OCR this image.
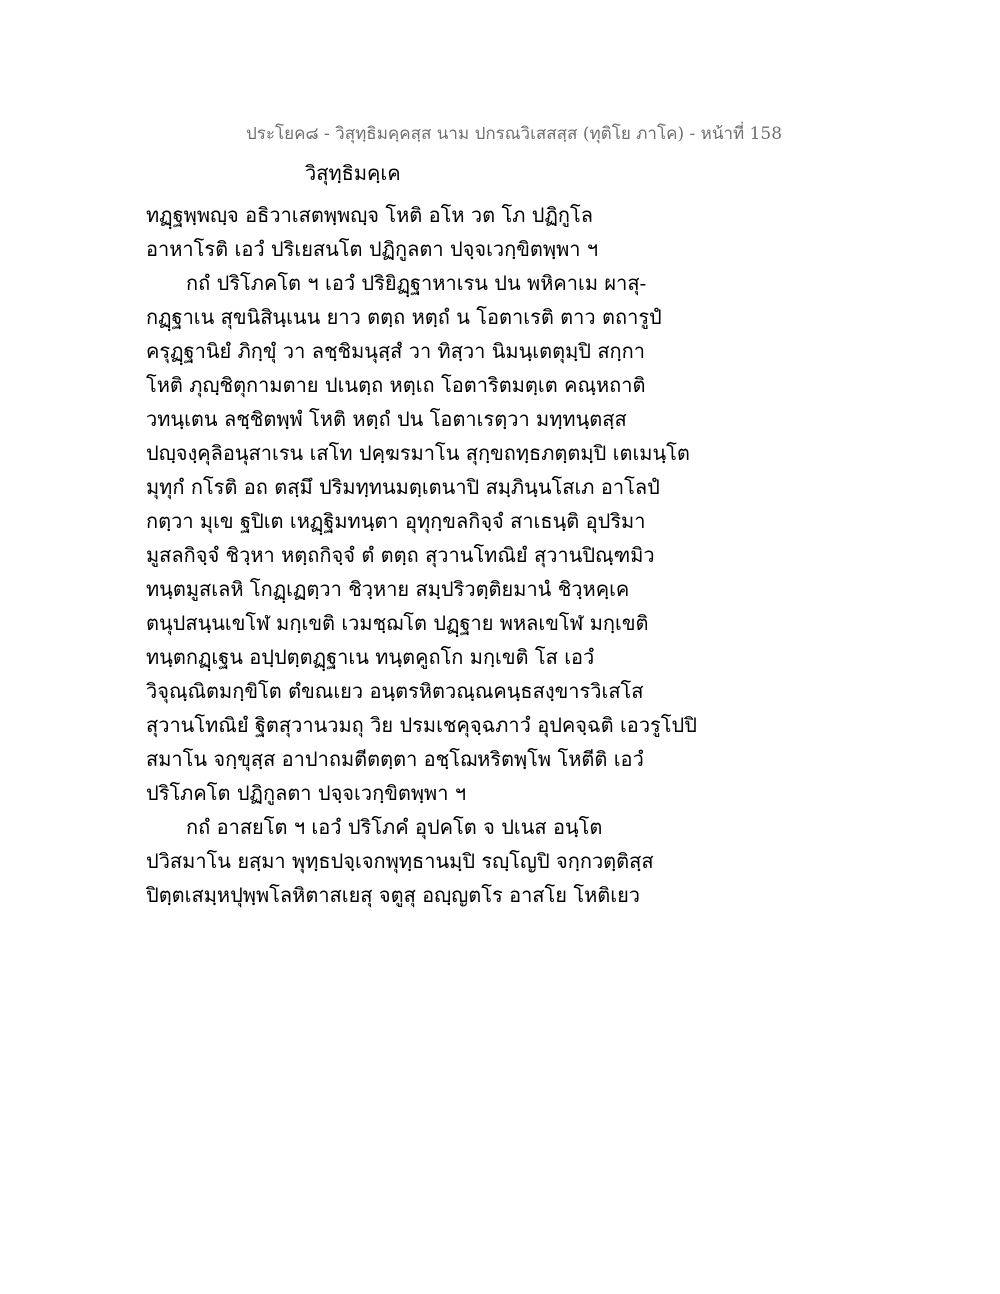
ประโยค๘ - วิสุทฺธิมคฺคสฺส นาม ปกรณวิเสสสฺส (ทุติโย ภาโค) - หน้าที่ 158
วิสุทฺธิมคฺเค
ทฏฺฐพฺพญฺจ อธิวาเสตพฺพญฺจ โหติ อโห วต โภ ปฏิกูโล
อาหาโรติ เอวํ ปริเยสนโต ปฏิกูลตา ปจฺจเวกฺขิตพฺพา ฯ
กถํ ปริโภคโต ฯ เอวํ ปริยิฏฺฐาหาเรน ปน พหิคาเม ผาสุ-
กฏฺฐาเน สุขนิสินฺเนน ยาว ตตฺถ หตฺถํ น โอตาเรติ ตาว ตถารูปํ
ครุฏฺฐานิยํ ภิกฺขุํ วา ลชฺชิมนุสฺสํ วา ทิสฺวา นิมนฺเตตุมฺปิ สกฺกา
โหติ ภุญฺชิตุกามตาย ปเนตฺถ หตฺเถ โอตาริตมตฺเต คณฺหถาติ
วทนฺเตน ลชฺชิตพฺพํ โหติ หตฺถํ ปน โอตาเรตฺวา มทฺทนฺตสฺส
ปญฺจงฺคุลิอนุสาเรน เสโท ปคฺฆรมาโน สุกฺขถทฺธภตฺตมฺปิ เตเมนฺโต
มุทุกํ กโรติ อถ ตสฺมึ ปริมทฺทนมตฺเตนาปิ สมฺภินฺนโสเภ อาโลปํ
กตฺวา มุเข ฐปิเต เหฏฺฐิมทนฺตา อุทุกฺขลกิจฺจํ สาเธนฺติ อุปริมา
มูสลกิจฺจํ ชิวฺหา หตฺถกิจฺจํ ตํ ตตฺถ สุวานโทณิยํ สุวานปิณฺฑมิว
ทนฺตมูสเลหิ โกฏฺเฏตฺวา ชิวฺหาย สมฺปริวตฺติยมานํ ชิวฺหคฺเค
ตนุปสนฺนเขโฬ มกฺเขติ เวมชฺฌโต ปฏฺฐาย พหลเขโฬ มกฺเขติ
ทนฺตกฏฺเฐน อปฺปตฺตฏฺฐาเน ทนฺตคูถโก มกฺเขติ โส เอวํ
วิจุณฺณิตมกฺขิโต ตํขณเยว อนฺตรหิตวณฺณคนฺธสงฺขารวิเสโส
สุวานโทณิยํ ฐิตสุวานวมถุ วิย ปรมเชคุจฺฉภาวํ อุปคจฺฉติ เอวรูโปปิ
สมาโน จกฺขุสฺส อาปาถมตีตตฺตา อชฺโฌหริตพฺโพ โหตีติ เอวํ
ปริโภคโต ปฏิกูลตา ปจฺจเวกฺขิตพฺพา ฯ
กถํ อาสยโต ฯ เอวํ ปริโภคํ อุปคโต จ ปเนส อนฺโต
ปวิสมาโน ยสฺมา พุทฺธปจฺเจกพุทฺธานมฺปิ รญฺโญปิ จกฺกวตฺติสฺส
ปิตฺตเสมฺหปุพฺพโลหิตาสเยสุ จตูสุ อญฺญตโร อาสโย โหติเยว
